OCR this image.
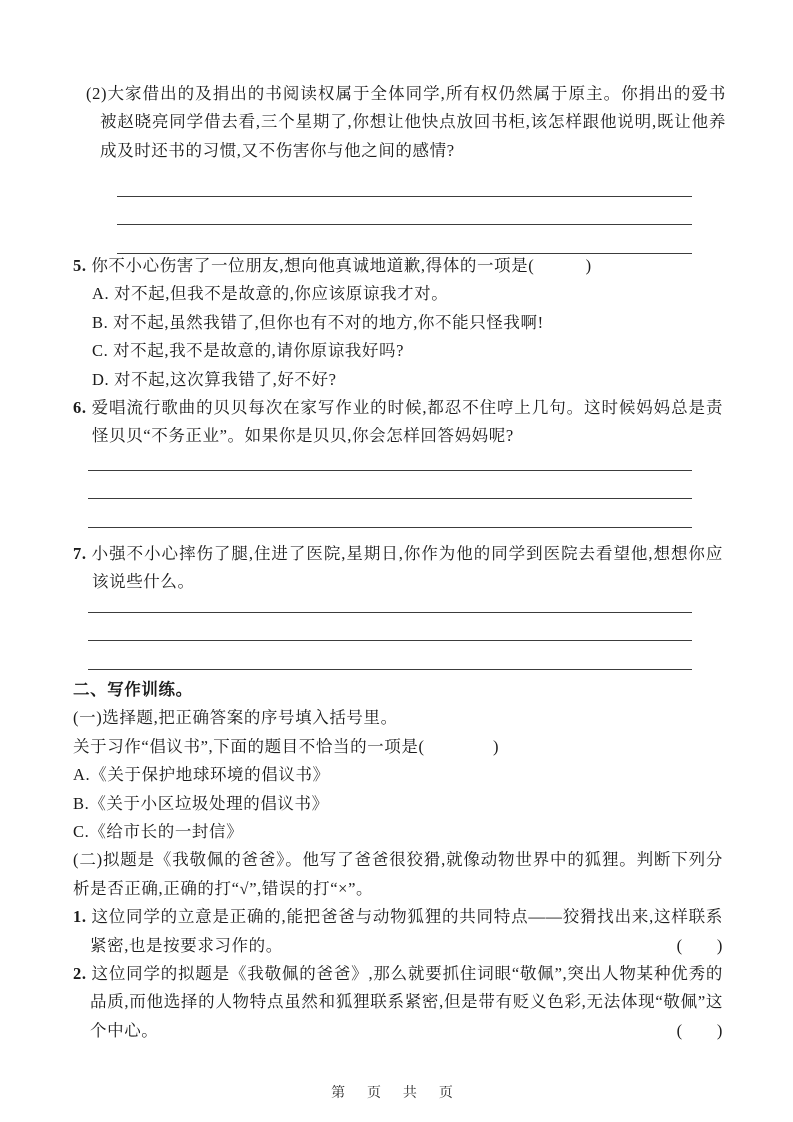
(2)大家借出的及捐出的书阅读权属于全体同学,所有权仍然属于原主。你捐出的爱书被赵晓亮同学借去看,三个星期了,你想让他快点放回书柜,该怎样跟他说明,既让他养成及时还书的习惯,又不伤害你与他之间的感情?

5. 你不小心伤害了一位朋友,想向他真诚地道歉,得体的一项是(　　　)

A. 对不起,但我不是故意的,你应该原谅我才对。

B. 对不起,虽然我错了,但你也有不对的地方,你不能只怪我啊!

C. 对不起,我不是故意的,请你原谅我好吗?

D. 对不起,这次算我错了,好不好?

6. 爱唱流行歌曲的贝贝每次在家写作业的时候,都忍不住哼上几句。这时候妈妈总是责怪贝贝“不务正业”。如果你是贝贝,你会怎样回答妈妈呢?

7. 小强不小心摔伤了腿,住进了医院,星期日,你作为他的同学到医院去看望他,想想你应该说些什么。

二、写作训练。

(一)选择题,把正确答案的序号填入括号里。

关于习作“倡议书”,下面的题目不恰当的一项是(　　　　)

A.《关于保护地球环境的倡议书》

B.《关于小区垃圾处理的倡议书》

C.《给市长的一封信》

(二)拟题是《我敬佩的爸爸》。他写了爸爸很狡猾,就像动物世界中的狐狸。判断下列分析是否正确,正确的打“√”,错误的打“×”。

1. 这位同学的立意是正确的,能把爸爸与动物狐狸的共同特点——狡猾找出来,这样联系紧密,也是按要求习作的。	(　　)

2. 这位同学的拟题是《我敬佩的爸爸》,那么就要抓住词眼“敬佩”,突出人物某种优秀的品质,而他选择的人物特点虽然和狐狸联系紧密,但是带有贬义色彩,无法体现“敬佩”这个中心。	(　　)

第 页 共 页
